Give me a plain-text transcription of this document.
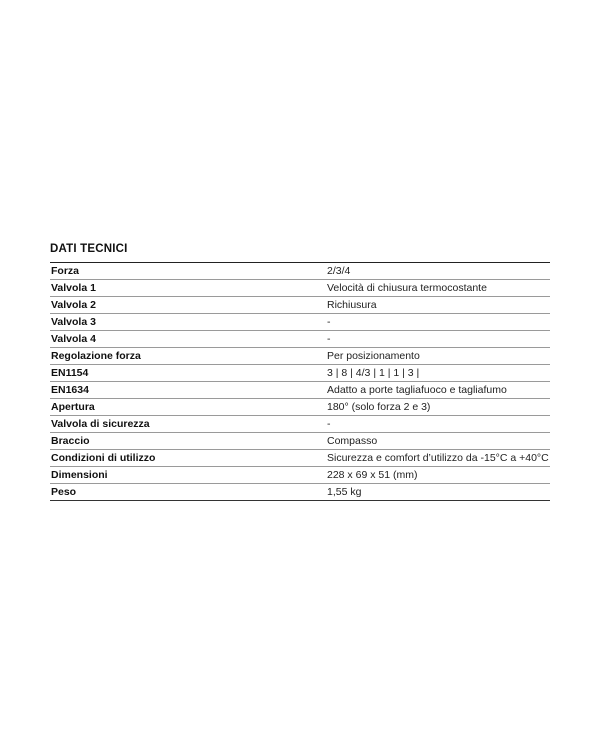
DATI TECNICI
Forza	2/3/4
Valvola 1	Velocità di chiusura termocostante
Valvola 2	Richiusura
Valvola 3	-
Valvola 4	-
Regolazione forza	Per posizionamento
EN1154	3 | 8 | 4/3 | 1 | 1 | 3 |
EN1634	Adatto a porte tagliafuoco e tagliafumo
Apertura	180° (solo forza 2 e 3)
Valvola di sicurezza	-
Braccio	Compasso
Condizioni di utilizzo	Sicurezza e comfort d’utilizzo da -15°C a +40°C
Dimensioni	228 x 69 x 51 (mm)
Peso	1,55 kg
